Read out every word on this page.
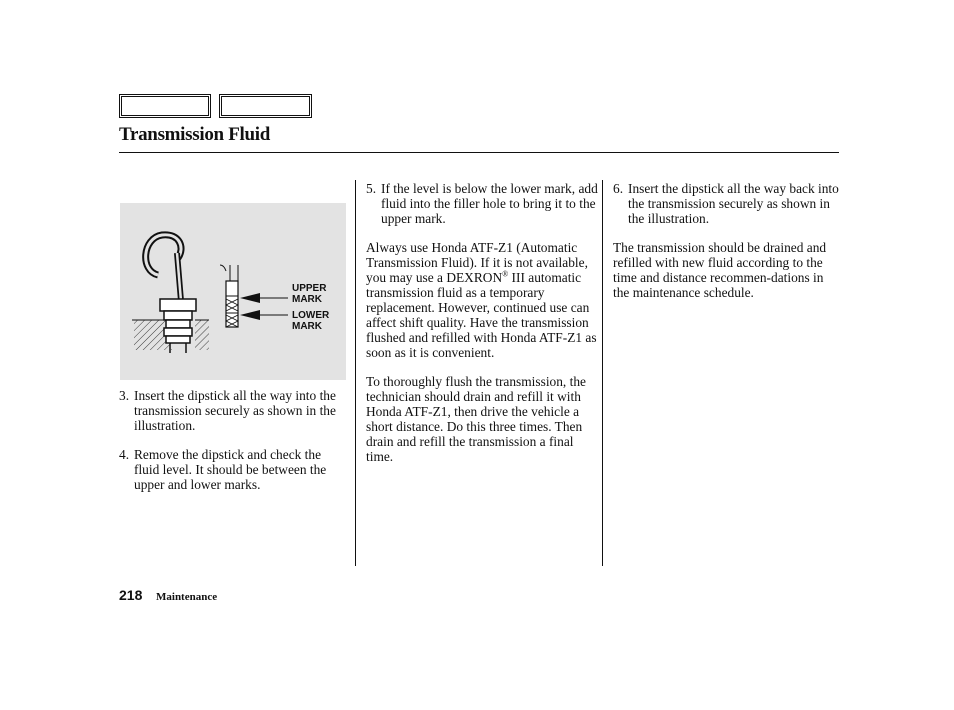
Transmission Fluid
UPPER
MARK
LOWER
MARK
3. Insert the dipstick all the way into the transmission securely as shown in the illustration.
4. Remove the dipstick and check the fluid level. It should be between the upper and lower marks.
5. If the level is below the lower mark, add fluid into the filler hole to bring it to the upper mark.

Always use Honda ATF-Z1 (Automatic Transmission Fluid). If it is not available, you may use a DEXRON® III automatic transmission fluid as a temporary replacement. However, continued use can affect shift quality. Have the transmission flushed and refilled with Honda ATF-Z1 as soon as it is convenient.

To thoroughly flush the transmission, the technician should drain and refill it with Honda ATF-Z1, then drive the vehicle a short distance. Do this three times. Then drain and refill the transmission a final time.

6. Insert the dipstick all the way back into the transmission securely as shown in the illustration.

The transmission should be drained and refilled with new fluid according to the time and distance recommen-dations in the maintenance schedule.

218 Maintenance
